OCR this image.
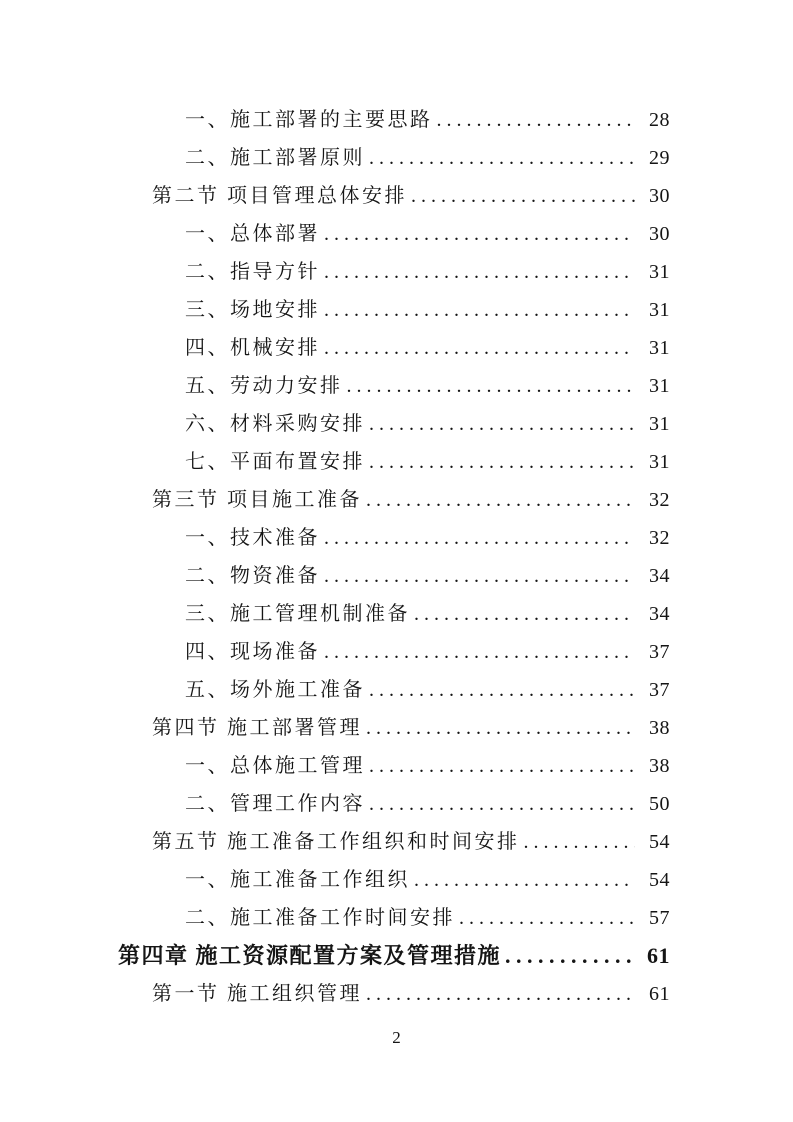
一、施工部署的主要思路 . . .	28
二、施工部署原则 . . .	29
第二节 项目管理总体安排 . . .	30
一、总体部署 . . .	30
二、指导方针 . . .	31
三、场地安排 . . .	31
四、机械安排 . . .	31
五、劳动力安排 . . .	31
六、材料采购安排 . . .	31
七、平面布置安排 . . .	31
第三节 项目施工准备 . . .	32
一、技术准备 . . .	32
二、物资准备 . . .	34
三、施工管理机制准备 . . .	34
四、现场准备 . . .	37
五、场外施工准备 . . .	37
第四节 施工部署管理 . . .	38
一、总体施工管理 . . .	38
二、管理工作内容 . . .	50
第五节 施工准备工作组织和时间安排 . . .	54
一、施工准备工作组织 . . .	54
二、施工准备工作时间安排 . . .	57
第四章 施工资源配置方案及管理措施 . . .	61
第一节 施工组织管理 . . .	61
2
